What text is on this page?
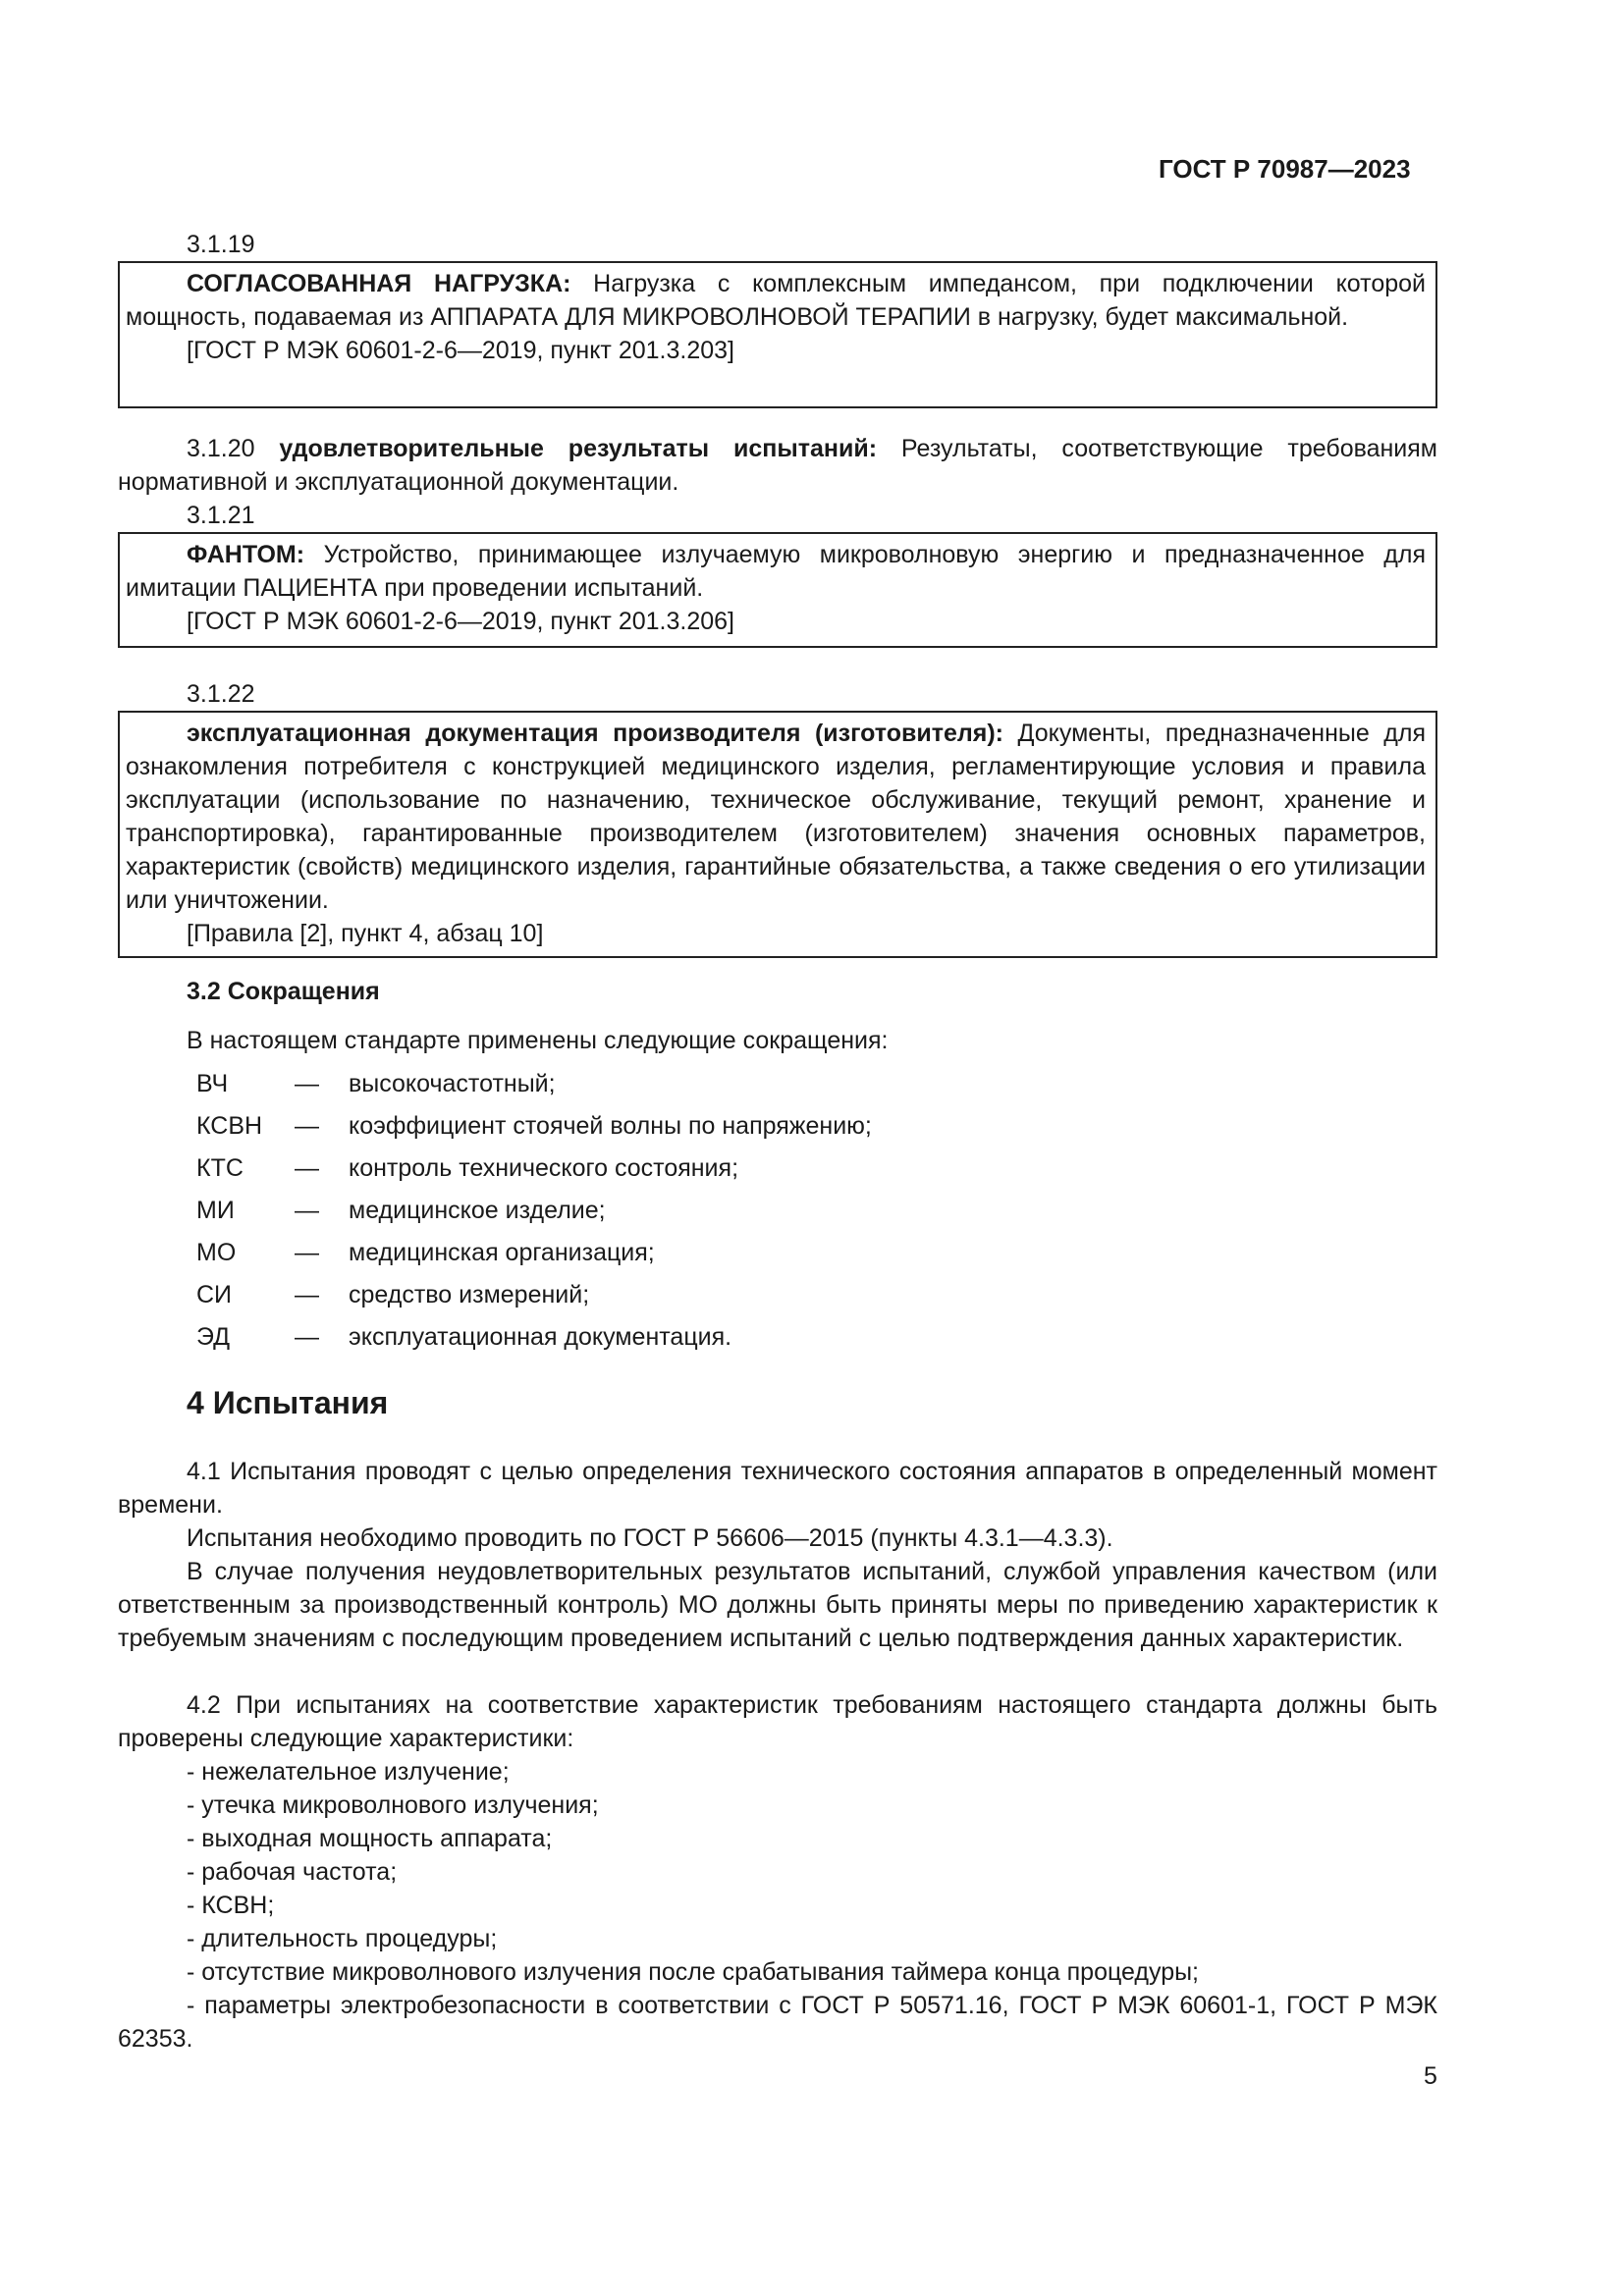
ГОСТ Р 70987—2023
3.1.19

СОГЛАСОВАННАЯ НАГРУЗКА: Нагрузка с комплексным импедансом, при подключении которой мощность, подаваемая из АППАРАТА ДЛЯ МИКРОВОЛНОВОЙ ТЕРАПИИ в нагрузку, будет максимальной.

[ГОСТ Р МЭК 60601-2-6—2019, пункт 201.3.203]

3.1.20 удовлетворительные результаты испытаний: Результаты, соответствующие требованиям нормативной и эксплуатационной документации.

3.1.21

ФАНТОМ: Устройство, принимающее излучаемую микроволновую энергию и предназначенное для имитации ПАЦИЕНТА при проведении испытаний.

[ГОСТ Р МЭК 60601-2-6—2019, пункт 201.3.206]

3.1.22

эксплуатационная документация производителя (изготовителя): Документы, предназначенные для ознакомления потребителя с конструкцией медицинского изделия, регламентирующие условия и правила эксплуатации (использование по назначению, техническое обслуживание, текущий ремонт, хранение и транспортировка), гарантированные производителем (изготовителем) значения основных параметров, характеристик (свойств) медицинского изделия, гарантийные обязательства, а также сведения о его утилизации или уничтожении.

[Правила [2], пункт 4, абзац 10]

3.2 Сокращения
В настоящем стандарте применены следующие сокращения:
ВЧ	—	высокочастотный;
КСВН	—	коэффициент стоячей волны по напряжению;
КТС	—	контроль технического состояния;
МИ	—	медицинское изделие;
МО	—	медицинская организация;
СИ	—	средство измерений;
ЭД	—	эксплуатационная документация.
4 Испытания

4.1 Испытания проводят с целью определения технического состояния аппаратов в определенный момент времени.

Испытания необходимо проводить по ГОСТ Р 56606—2015 (пункты 4.3.1—4.3.3).

В случае получения неудовлетворительных результатов испытаний, службой управления качеством (или ответственным за производственный контроль) МО должны быть приняты меры по приведению характеристик к требуемым значениям с последующим проведением испытаний с целью подтверждения данных характеристик.

4.2 При испытаниях на соответствие характеристик требованиям настоящего стандарта должны быть проверены следующие характеристики:

- нежелательное излучение;

- утечка микроволнового излучения;

- выходная мощность аппарата;

- рабочая частота;

- КСВН;

- длительность процедуры;

- отсутствие микроволнового излучения после срабатывания таймера конца процедуры;

- параметры электробезопасности в соответствии с ГОСТ Р 50571.16, ГОСТ Р МЭК 60601-1, ГОСТ Р МЭК 62353.

5
